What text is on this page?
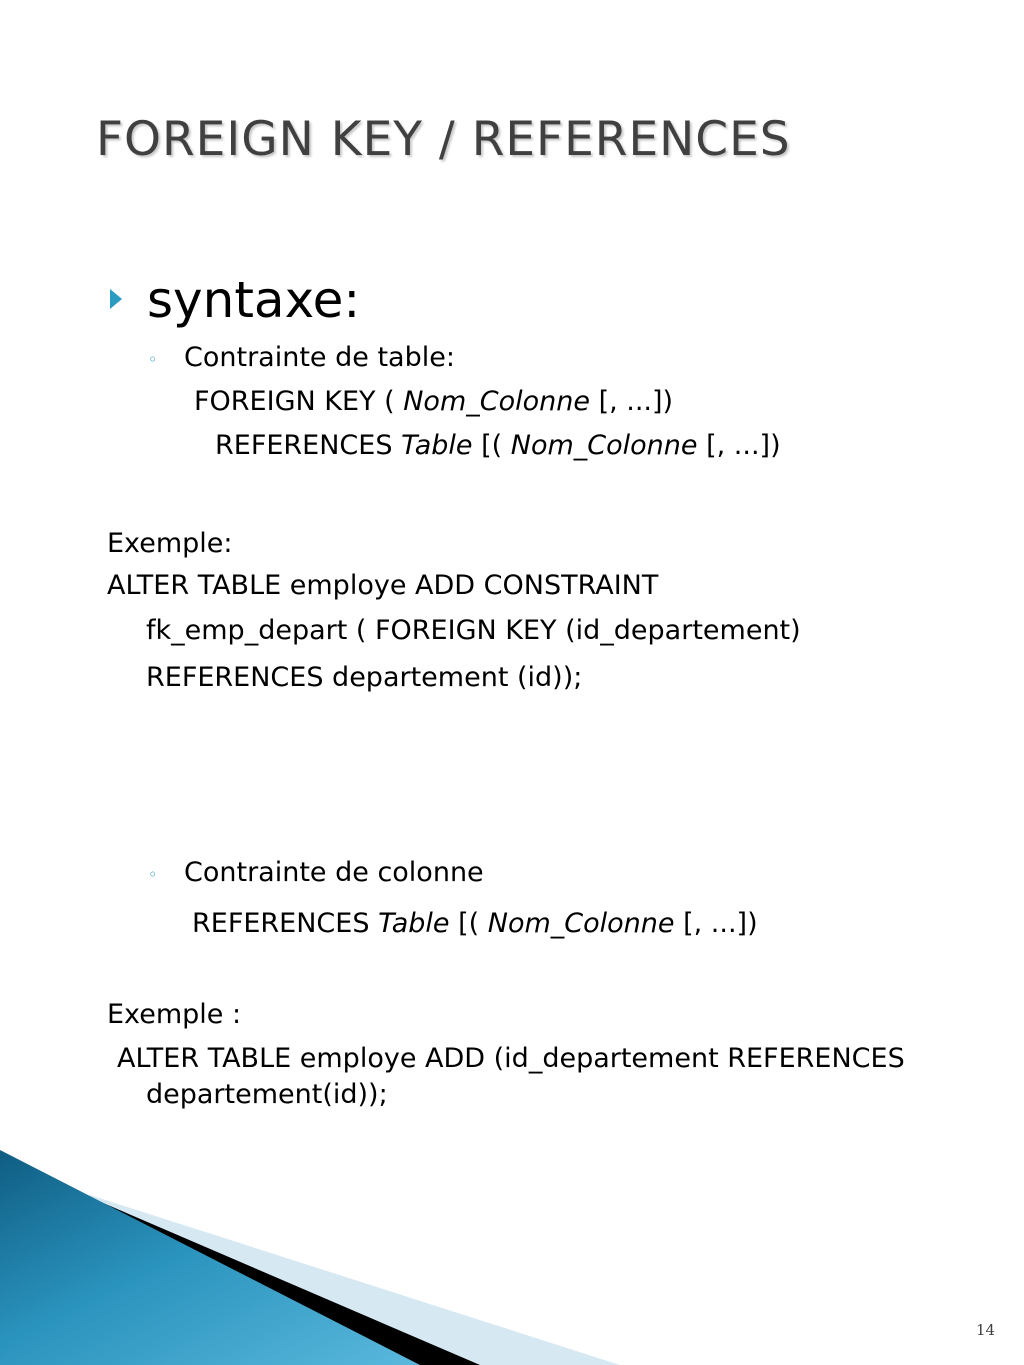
FOREIGN KEY / REFERENCES
syntaxe:
◦ Contrainte de table:
FOREIGN KEY ( Nom_Colonne [, ...])
REFERENCES Table [( Nom_Colonne [, ...])
Exemple:
ALTER TABLE employe ADD CONSTRAINT
fk_emp_depart ( FOREIGN KEY (id_departement)
REFERENCES departement (id));
◦ Contrainte de colonne
REFERENCES Table [( Nom_Colonne [, ...])
Exemple :
ALTER TABLE employe ADD (id_departement REFERENCES
departement(id));
14
